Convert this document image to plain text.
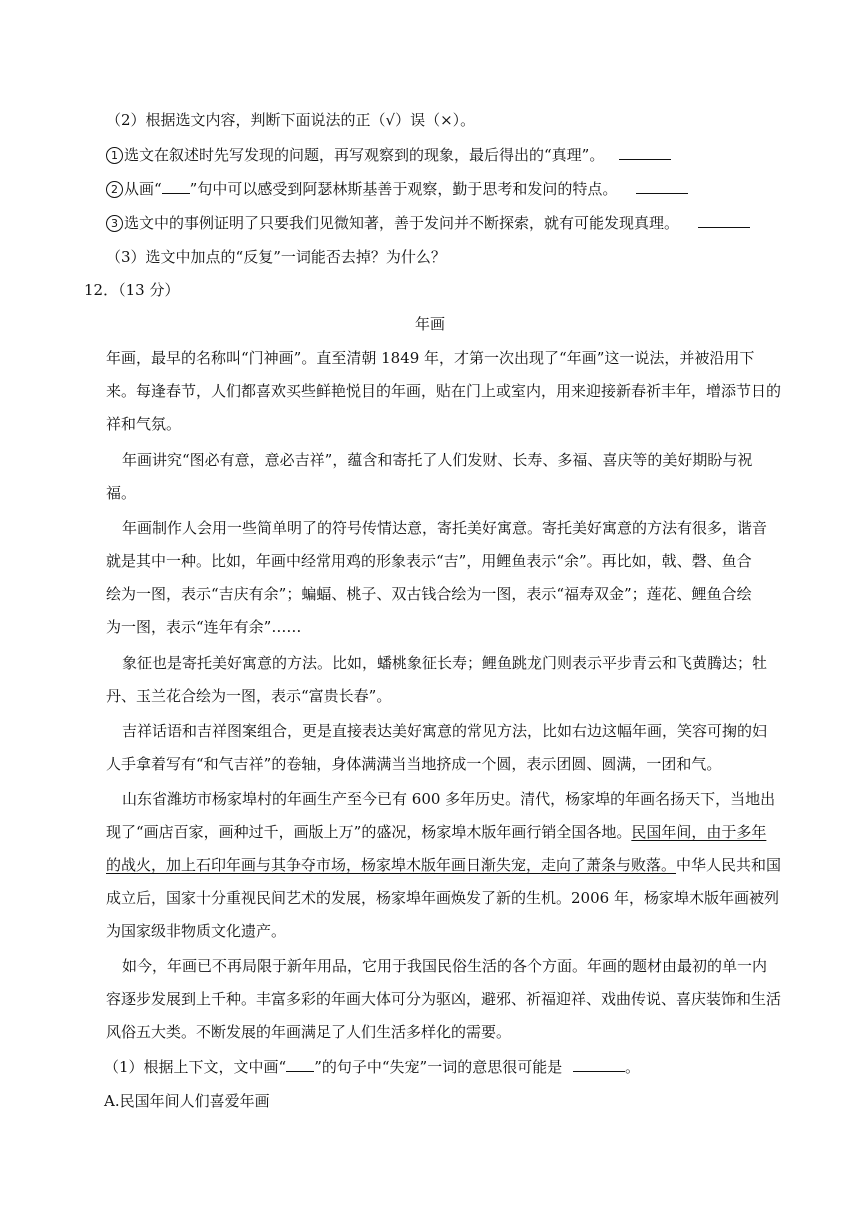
（2）根据选文内容，判断下面说法的正（√）误（×）。
1 选文在叙述时先写发现的问题，再写观察到的现象，最后得出的“真理”。
2 从画“ ”句中可以感受到阿瑟林斯基善于观察，勤于思考和发问的特点。
3 选文中的事例证明了只要我们见微知著，善于发问并不断探索，就有可能发现真理。
（3）选文中加点的“反复”一词能否去掉？为什么？
12．（13 分）
年画
年画，最早的名称叫“门神画”。直至清朝 1849 年，才第一次出现了“年画”这一说法，并被沿用下
来。每逢春节，人们都喜欢买些鲜艳悦目的年画，贴在门上或室内，用来迎接新春祈丰年，增添节日的
祥和气氛。
年画讲究“图必有意，意必吉祥”，蕴含和寄托了人们发财、长寿、多福、喜庆等的美好期盼与祝
福。
年画制作人会用一些简单明了的符号传情达意，寄托美好寓意。寄托美好寓意的方法有很多，谐音
就是其中一种。比如，年画中经常用鸡的形象表示“吉”，用鲤鱼表示“余”。再比如，戟、磬、鱼合
绘为一图，表示“吉庆有余”；蝙蝠、桃子、双古钱合绘为一图，表示“福寿双金”；莲花、鲤鱼合绘
为一图，表示“连年有余”……
象征也是寄托美好寓意的方法。比如，蟠桃象征长寿；鲤鱼跳龙门则表示平步青云和飞黄腾达；牡
丹、玉兰花合绘为一图，表示“富贵长春”。
吉祥话语和吉祥图案组合，更是直接表达美好寓意的常见方法，比如右边这幅年画，笑容可掬的妇
人手拿着写有“和气吉祥”的卷轴，身体满满当当地挤成一个圆，表示团圆、圆满，一团和气。
山东省潍坊市杨家埠村的年画生产至今已有 600 多年历史。清代，杨家埠的年画名扬天下，当地出
现了“画店百家，画种过千，画版上万”的盛况，杨家埠木版年画行销全国各地。民国年间，由于多年
的战火，加上石印年画与其争夺市场，杨家埠木版年画日渐失宠，走向了萧条与败落。中华人民共和国
成立后，国家十分重视民间艺术的发展，杨家埠年画焕发了新的生机。2006 年，杨家埠木版年画被列
为国家级非物质文化遗产。
如今，年画已不再局限于新年用品，它用于我国民俗生活的各个方面。年画的题材由最初的单一内
容逐步发展到上千种。丰富多彩的年画大体可分为驱凶，避邪、祈福迎祥、戏曲传说、喜庆装饰和生活
风俗五大类。不断发展的年画满足了人们生活多样化的需要。
（1）根据上下文，文中画“ ”的句子中“失宠”一词的意思很可能是	。
A.民国年间人们喜爱年画
